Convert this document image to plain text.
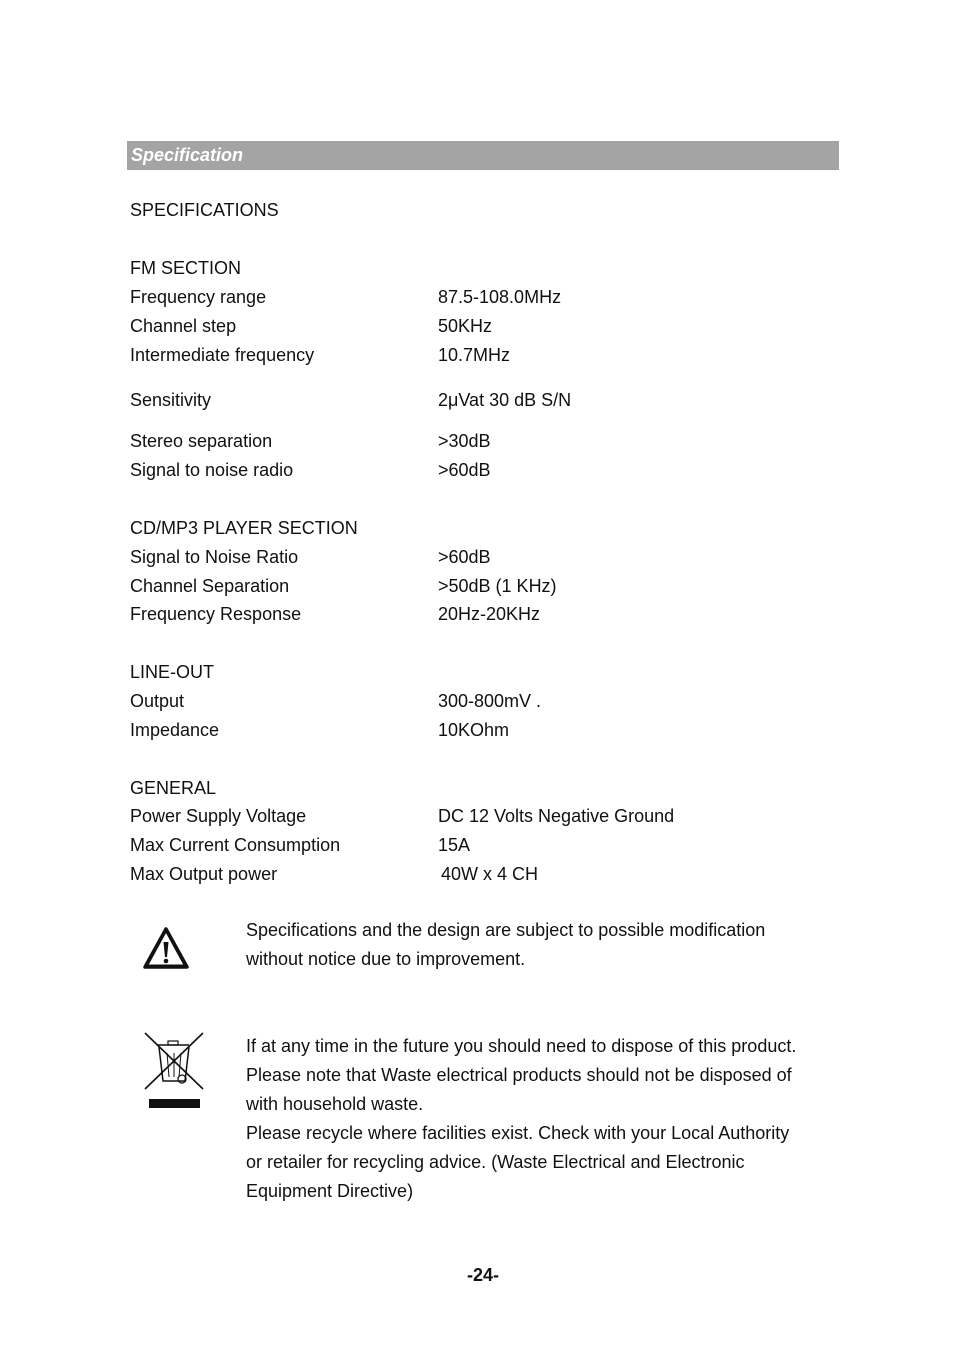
Specification
SPECIFICATIONS
FM SECTION
Frequency range	87.5-108.0MHz
Channel step	50KHz
Intermediate frequency	10.7MHz
Sensitivity	2μVat 30 dB S/N
Stereo separation	>30dB
Signal to noise radio	>60dB
CD/MP3 PLAYER SECTION
Signal to Noise Ratio	>60dB
Channel Separation	>50dB (1 KHz)
Frequency Response	20Hz-20KHz
LINE-OUT
Output	300-800mV .
Impedance	10KOhm
GENERAL
Power Supply Voltage	DC 12 Volts Negative Ground
Max Current Consumption	15A
Max Output power	40W x 4 CH
Specifications and the design are subject to possible modification
without notice due to improvement.
If at any time in the future you should need to dispose of this product.
Please note that Waste electrical products should not be disposed of
with household waste.
Please recycle where facilities exist. Check with your Local Authority
or retailer for recycling advice. (Waste Electrical and Electronic
Equipment Directive)
-24-
